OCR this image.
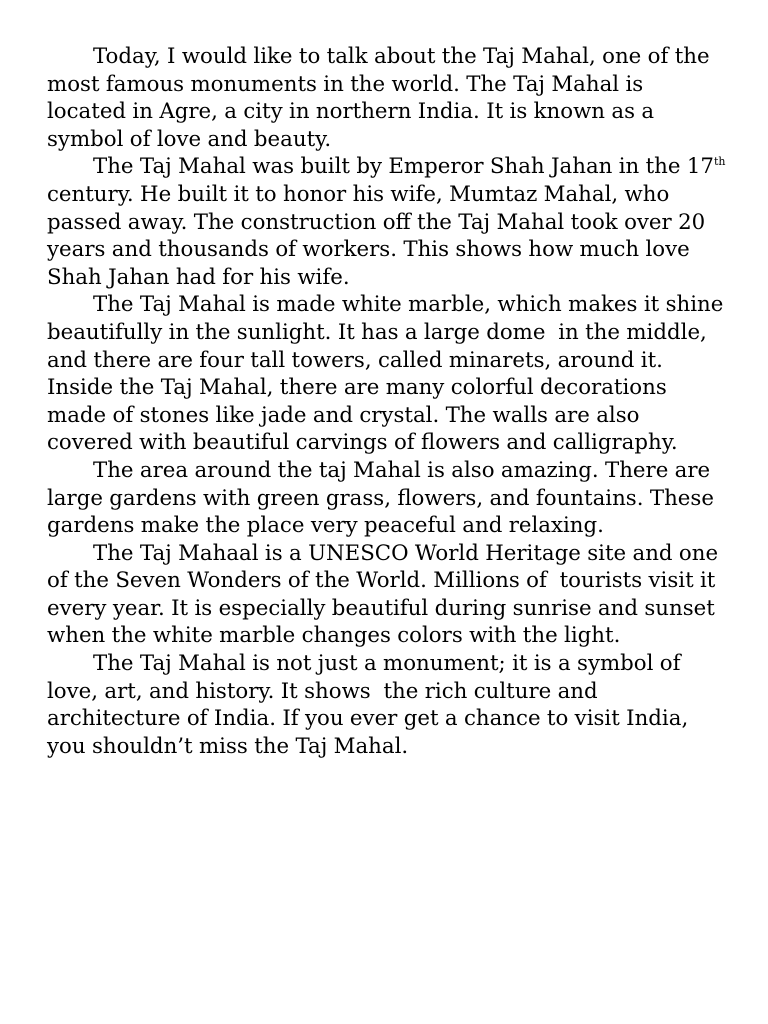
Today, I would like to talk about the Taj Mahal, one of the most famous monuments in the world. The Taj Mahal is located in Agre, a city in northern India. It is known as a symbol of love and beauty.

The Taj Mahal was built by Emperor Shah Jahan in the 17th century. He built it to honor his wife, Mumtaz Mahal, who passed away. The construction off the Taj Mahal took over 20 years and thousands of workers. This shows how much love Shah Jahan had for his wife.

The Taj Mahal is made white marble, which makes it shine beautifully in the sunlight. It has a large dome  in the middle, and there are four tall towers, called minarets, around it. Inside the Taj Mahal, there are many colorful decorations made of stones like jade and crystal. The walls are also covered with beautiful carvings of flowers and calligraphy.

The area around the taj Mahal is also amazing. There are large gardens with green grass, flowers, and fountains. These gardens make the place very peaceful and relaxing.

The Taj Mahaal is a UNESCO World Heritage site and one of the Seven Wonders of the World. Millions of  tourists visit it every year. It is especially beautiful during sunrise and sunset when the white marble changes colors with the light.

The Taj Mahal is not just a monument; it is a symbol of love, art, and history. It shows  the rich culture and architecture of India. If you ever get a chance to visit India, you shouldn’t miss the Taj Mahal.
